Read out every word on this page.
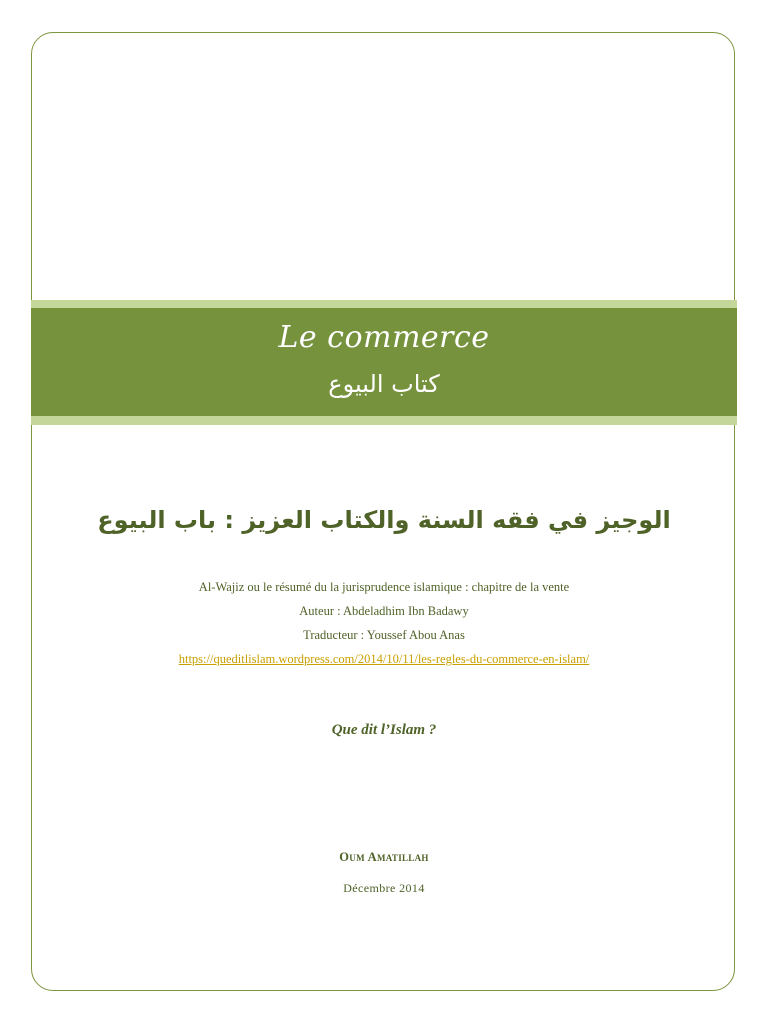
Le commerce
كتاب البيوع
الوجيز في فقه السنة والكتاب العزيز : باب البيوع
Al-Wajiz ou le résumé du la jurisprudence islamique : chapitre de la vente
Auteur : Abdeladhim Ibn Badawy
Traducteur : Youssef Abou Anas
https://queditlislam.wordpress.com/2014/10/11/les-regles-du-commerce-en-islam/
Que dit l’Islam ?
Oum Amatillah
Décembre 2014
